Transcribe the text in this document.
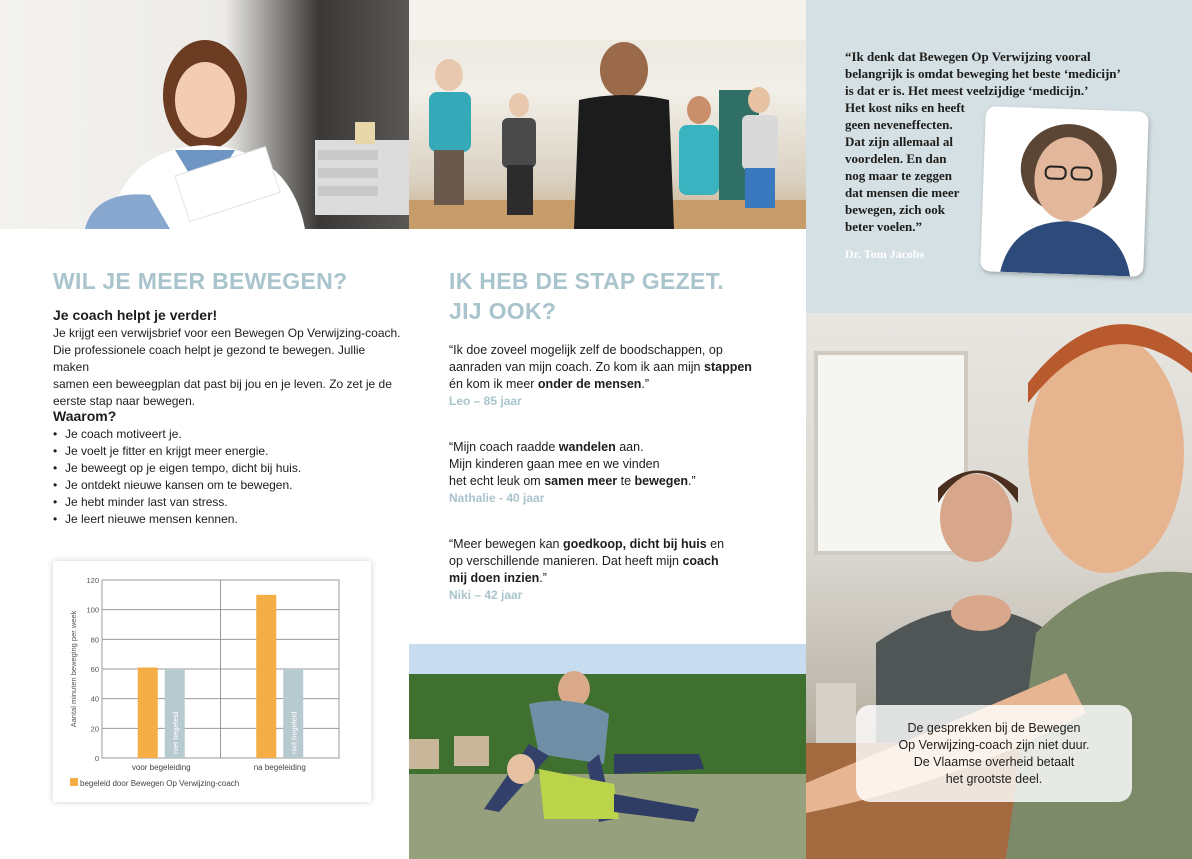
“Ik denk dat Bewegen Op Verwijzing vooral
belangrijk is omdat beweging het beste ‘medicijn’
is dat er is. Het meest veelzijdige ‘medicijn.’
Het kost niks en heeft
geen neveneffecten.
Dat zijn allemaal al
voordelen. En dan
nog maar te zeggen
dat mensen die meer
bewegen, zich ook
beter voelen.”
Dr. Tom Jacobs
WIL JE MEER BEWEGEN?
Je coach helpt je verder!

Je krijgt een verwijsbrief voor een Bewegen Op Verwijzing-coach.
Die professionele coach helpt je gezond te bewegen. Jullie maken
samen een beweegplan dat past bij jou en je leven. Zo zet je de
eerste stap naar bewegen.

Waarom?
• Je coach motiveert je.
• Je voelt je fitter en krijgt meer energie.
• Je beweegt op je eigen tempo, dicht bij huis.
• Je ontdekt nieuwe kansen om te bewegen.
• Je hebt minder last van stress.
• Je leert nieuwe mensen kennen.
0
20
40
60
80
100
120
Aantal minuten beweging per week
niet begeleid
voor begeleiding
niet begeleid
na begeleiding
begeleid door Bewegen Op Verwijzing-coach
IK HEB DE STAP GEZET.
JIJ OOK?
“Ik doe zoveel mogelijk zelf de boodschappen, op
aanraden van mijn coach. Zo kom ik aan mijn stappen
én kom ik meer onder de mensen.”
Leo – 85 jaar
“Mijn coach raadde wandelen aan.
Mijn kinderen gaan mee en we vinden
het echt leuk om samen meer te bewegen.”
Nathalie - 40 jaar
“Meer bewegen kan goedkoop, dicht bij huis en
op verschillende manieren. Dat heeft mijn coach
mij doen inzien.”
Niki – 42 jaar
De gesprekken bij de Bewegen
Op Verwijzing-coach zijn niet duur.
De Vlaamse overheid betaalt
het grootste deel.
